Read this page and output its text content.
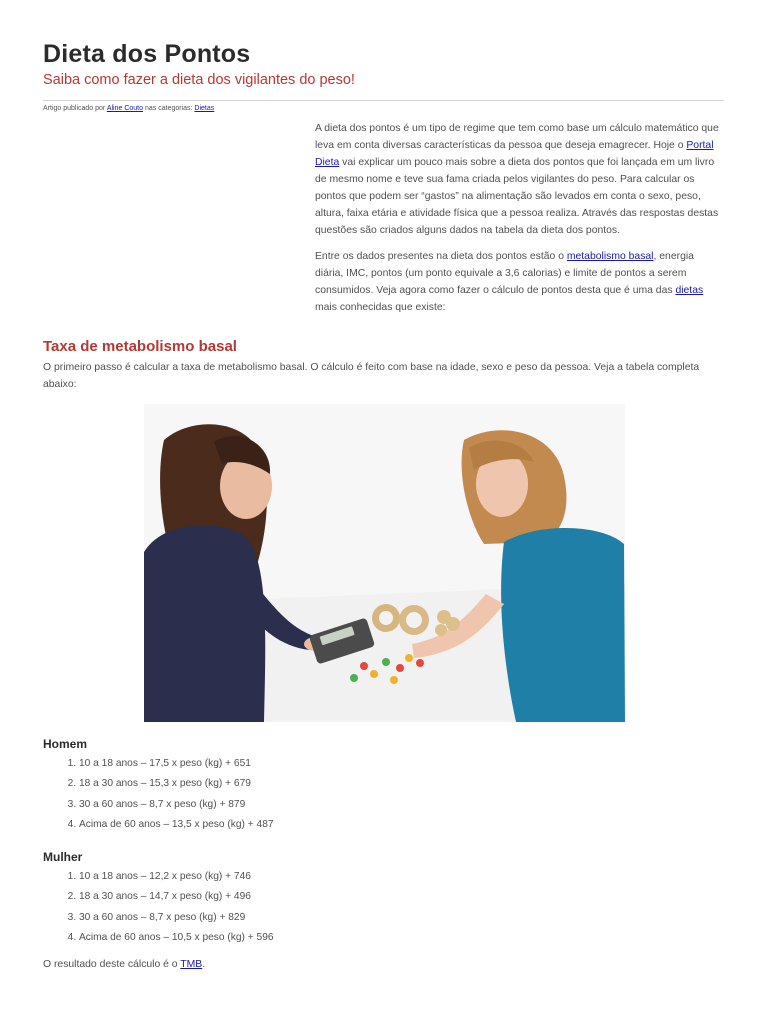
Dieta dos Pontos

Saiba como fazer a dieta dos vigilantes do peso!

Artigo publicado por Aline Couto nas categorias: Dietas

A dieta dos pontos é um tipo de regime que tem como base um cálculo matemático que leva em conta diversas características da pessoa que deseja emagrecer. Hoje o Portal Dieta vai explicar um pouco mais sobre a dieta dos pontos que foi lançada em um livro de mesmo nome e teve sua fama criada pelos vigilantes do peso. Para calcular os pontos que podem ser “gastos” na alimentação são levados em conta o sexo, peso, altura, faixa etária e atividade física que a pessoa realiza. Através das respostas destas questões são criados alguns dados na tabela da dieta dos pontos.

Entre os dados presentes na dieta dos pontos estão o metabolismo basal, energia diária, IMC, pontos (um ponto equivale a 3,6 calorias) e limite de pontos a serem consumidos. Veja agora como fazer o cálculo de pontos desta que é uma das dietas mais conhecidas que existe:

Taxa de metabolismo basal

O primeiro passo é calcular a taxa de metabolismo basal. O cálculo é feito com base na idade, sexo e peso da pessoa. Veja a tabela completa abaixo:

Homem
1. 10 a 18 anos – 17,5 x peso (kg) + 651
2. 18 a 30 anos – 15,3 x peso (kg) + 679
3. 30 a 60 anos – 8,7 x peso (kg) + 879
4. Acima de 60 anos – 13,5 x peso (kg) + 487
Mulher
1. 10 a 18 anos – 12,2 x peso (kg) + 746
2. 18 a 30 anos – 14,7 x peso (kg) + 496
3. 30 a 60 anos – 8,7 x peso (kg) + 829
4. Acima de 60 anos – 10,5 x peso (kg) + 596

O resultado deste cálculo é o TMB.
